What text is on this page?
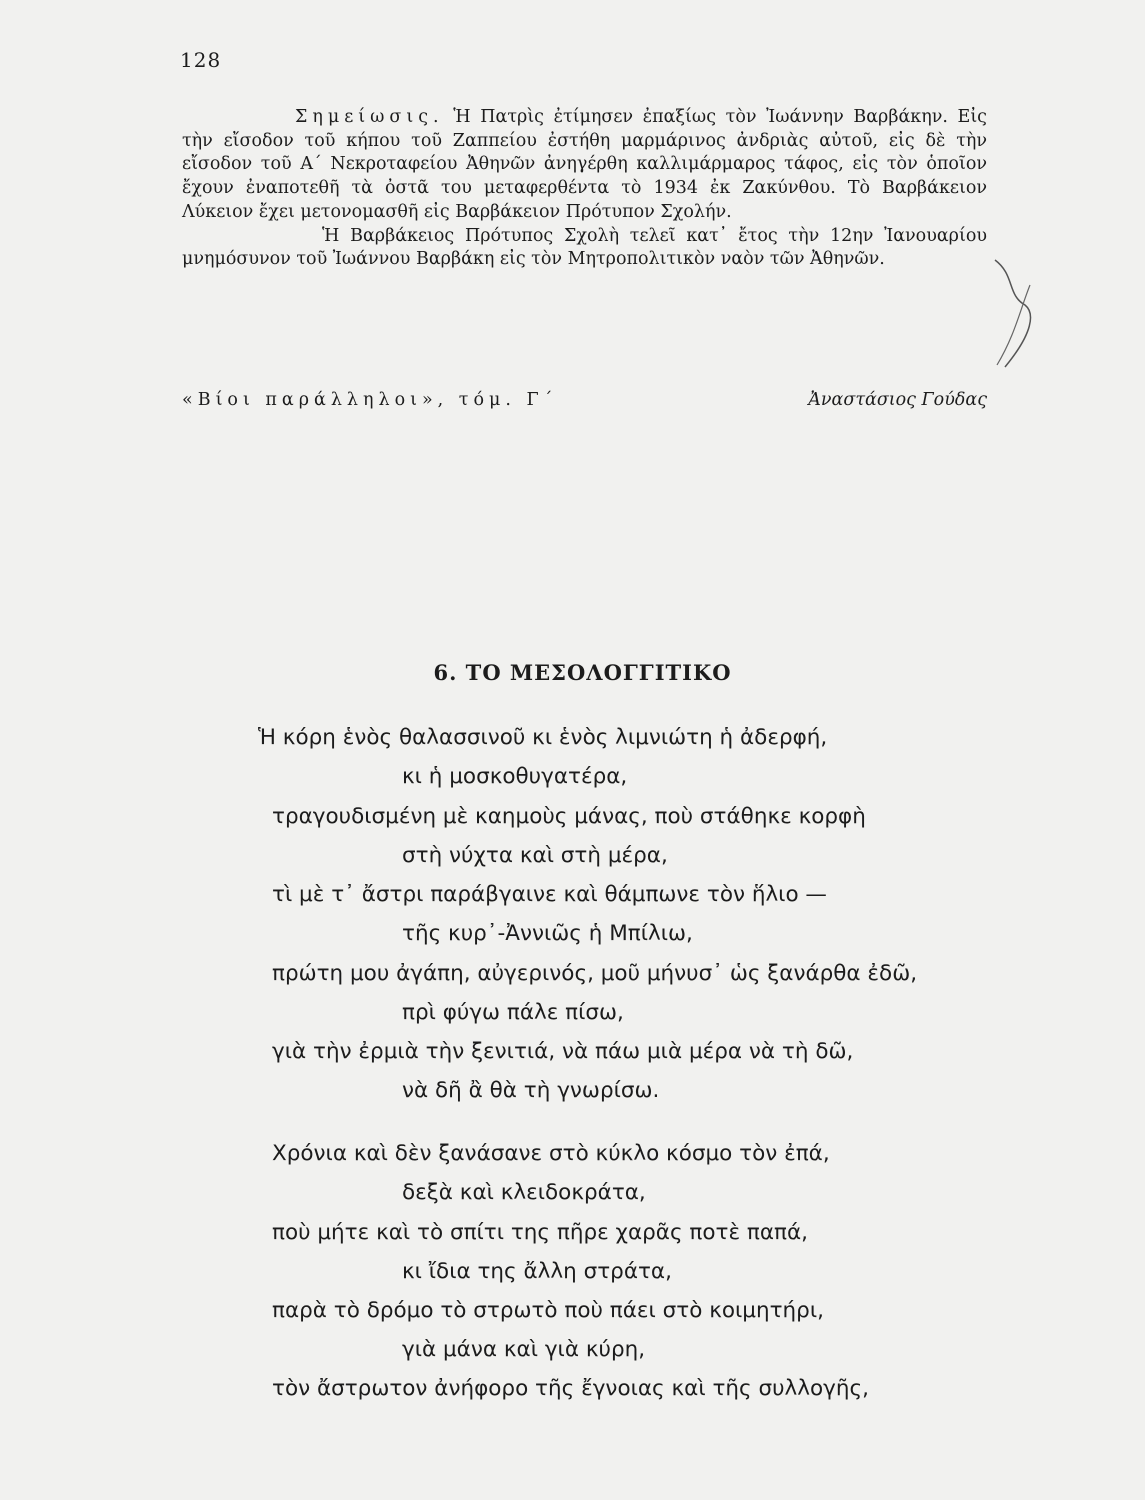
128

Σημείωσις. Ἡ Πατρὶς ἐτίμησεν ἐπαξίως τὸν Ἰωάννην Βαρβάκην. Εἰς τὴν εἴσοδον τοῦ κήπου τοῦ Ζαππείου ἐστήθη μαρμάρινος ἀνδριὰς αὐτοῦ, εἰς δὲ τὴν εἴσοδον τοῦ Α΄ Νεκροταφείου Ἀθηνῶν ἀνηγέρθη καλλιμάρμαρος τάφος, εἰς τὸν ὁποῖον ἔχουν ἐναποτεθῆ τὰ ὀστᾶ του μεταφερθέντα τὸ 1934 ἐκ Ζακύνθου. Τὸ Βαρβάκειον Λύκειον ἔχει μετονομασθῆ εἰς Βαρβάκειον Πρότυπον Σχολήν.

Ἡ Βαρβάκειος Πρότυπος Σχολὴ τελεῖ κατ᾿ ἔτος τὴν 12ην Ἰανουαρίου μνημόσυνον τοῦ Ἰωάννου Βαρβάκη εἰς τὸν Μητροπολιτικὸν ναὸν τῶν Ἀθηνῶν.

«Βίοι παράλληλοι», τόμ. Γ΄	Ἀναστάσιος Γούδας
6. ΤΟ ΜΕΣΟΛΟΓΓΙΤΙΚΟ
Ἡ κόρη ἑνὸς θαλασσινοῦ κι ἑνὸς λιμνιώτη ἡ ἀδερφή,
κι ἡ μοσκοθυγατέρα,
τραγουδισμένη μὲ καημοὺς μάνας, ποὺ στάθηκε κορφὴ
στὴ νύχτα καὶ στὴ μέρα,
τὶ μὲ τ᾿ ἄστρι παράβγαινε καὶ θάμπωνε τὸν ἥλιο —
τῆς κυρ᾿-Ἀννιῶς ἡ Μπίλιω,
πρώτη μου ἀγάπη, αὐγερινός, μοῦ μήνυσ᾿ ὡς ξανάρθα ἐδῶ,
πρὶ φύγω πάλε πίσω,
γιὰ τὴν ἐρμιὰ τὴν ξενιτιά, νὰ πάω μιὰ μέρα νὰ τὴ δῶ,
νὰ δῆ ἂ θὰ τὴ γνωρίσω.
Χρόνια καὶ δὲν ξανάσανε στὸ κύκλο κόσμο τὸν ἐπά,
δεξὰ καὶ κλειδοκράτα,
ποὺ μήτε καὶ τὸ σπίτι της πῆρε χαρᾶς ποτὲ παπά,
κι ἴδια της ἄλλη στράτα,
παρὰ τὸ δρόμο τὸ στρωτὸ ποὺ πάει στὸ κοιμητήρι,
γιὰ μάνα καὶ γιὰ κύρη,
τὸν ἄστρωτον ἀνήφορο τῆς ἔγνοιας καὶ τῆς συλλογῆς,
